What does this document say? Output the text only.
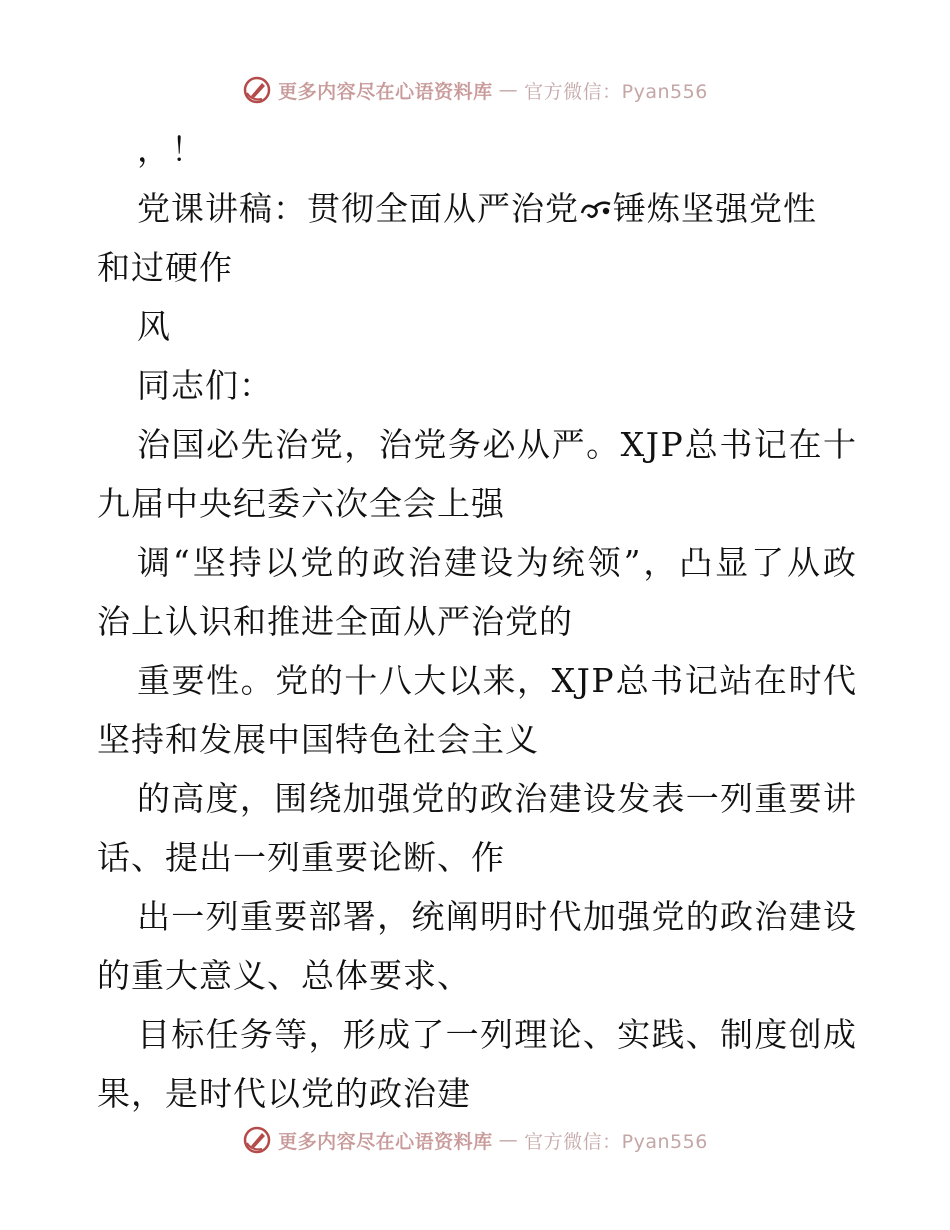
更多内容尽在心语资料库 — 官方微信：Pyan556
，！
党课讲稿：贯彻全面从严治党 锤炼坚强党性
和过硬作
风
同志们：
治 国 必 先 治 党 ， 治 党 务 必 从 严 。 X J P 总 书 记 在 十
九届中央纪委六次全会上强
调 “ 坚 持 以 党 的 政 治 建 设 为 统 领 ” ， 凸 显 了 从 政
治上认识和推进全面从严治党的
重 要 性 。 党 的 十 八 大 以 来 ， X J P 总 书 记 站 在 时 代
坚持和发展中国特色社会主义
的 高 度 ， 围 绕 加 强 党 的 政 治 建 设 发 表 一 列 重 要 讲
话、提出一列重要论断、作
出 一 列 重 要 部 署 ， 统 阐 明 时 代 加 强 党 的 政 治 建 设
的重大意义、总体要求、
目 标 任 务 等 ， 形 成 了 一 列 理 论 、 实 践 、 制 度 创 成
果，是时代以党的政治建
更多内容尽在心语资料库 — 官方微信：Pyan556
